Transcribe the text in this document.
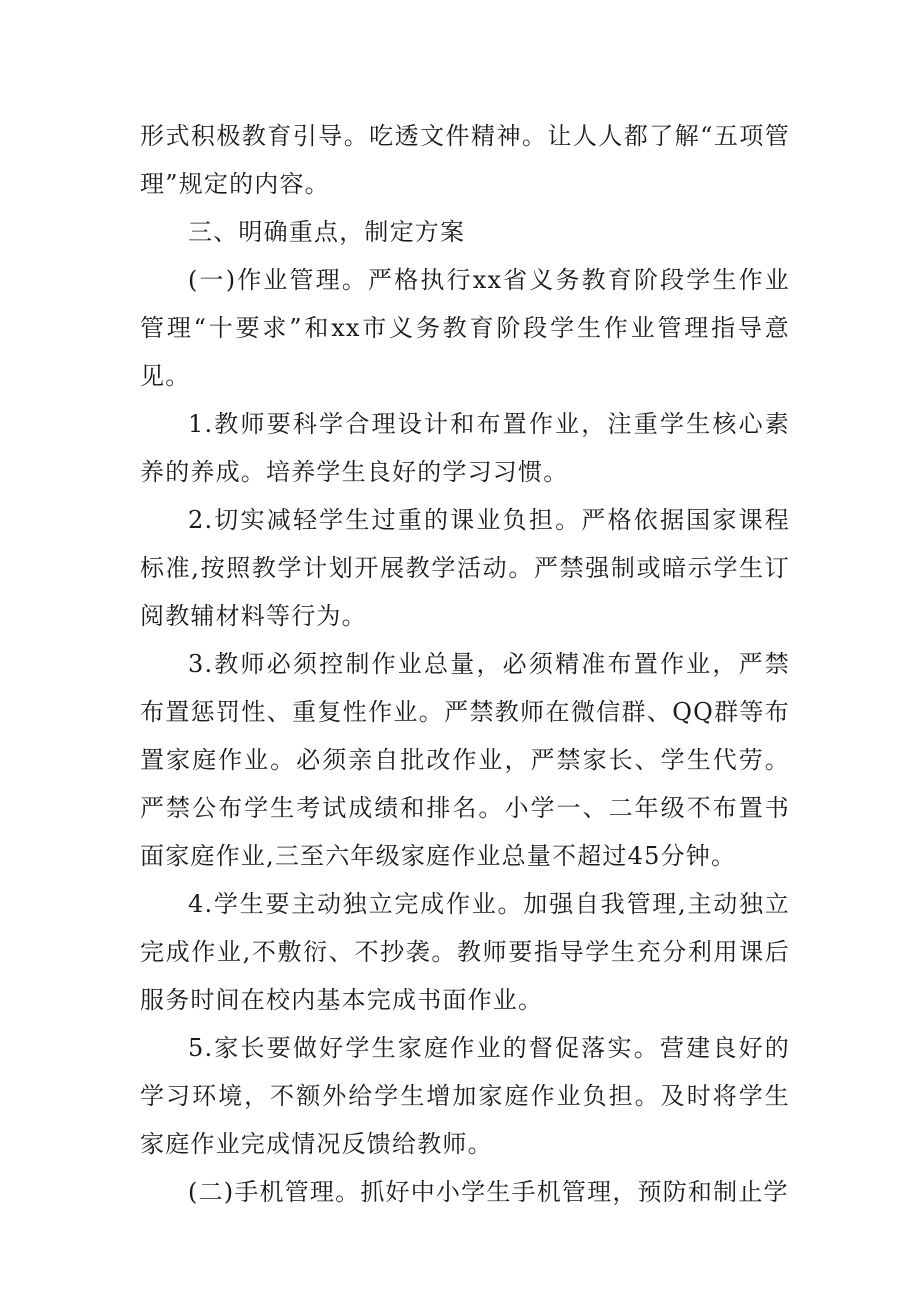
形式积极教育引导。吃透文件精神。让人人都了解“五项管理”规定的内容。

三、明确重点，制定方案

(一)作业管理。严格执行xx省义务教育阶段学生作业管理“十要求”和xx市义务教育阶段学生作业管理指导意见。

1.教师要科学合理设计和布置作业，注重学生核心素养的养成。培养学生良好的学习习惯。

2.切实减轻学生过重的课业负担。严格依据国家课程标准,按照教学计划开展教学活动。严禁强制或暗示学生订阅教辅材料等行为。

3.教师必须控制作业总量，必须精准布置作业，严禁布置惩罚性、重复性作业。严禁教师在微信群、QQ群等布置家庭作业。必须亲自批改作业，严禁家长、学生代劳。严禁公布学生考试成绩和排名。小学一、二年级不布置书面家庭作业,三至六年级家庭作业总量不超过45分钟。

4.学生要主动独立完成作业。加强自我管理,主动独立完成作业,不敷衍、不抄袭。教师要指导学生充分利用课后服务时间在校内基本完成书面作业。

5.家长要做好学生家庭作业的督促落实。营建良好的学习环境，不额外给学生增加家庭作业负担。及时将学生家庭作业完成情况反馈给教师。

(二)手机管理。抓好中小学生手机管理，预防和制止学
